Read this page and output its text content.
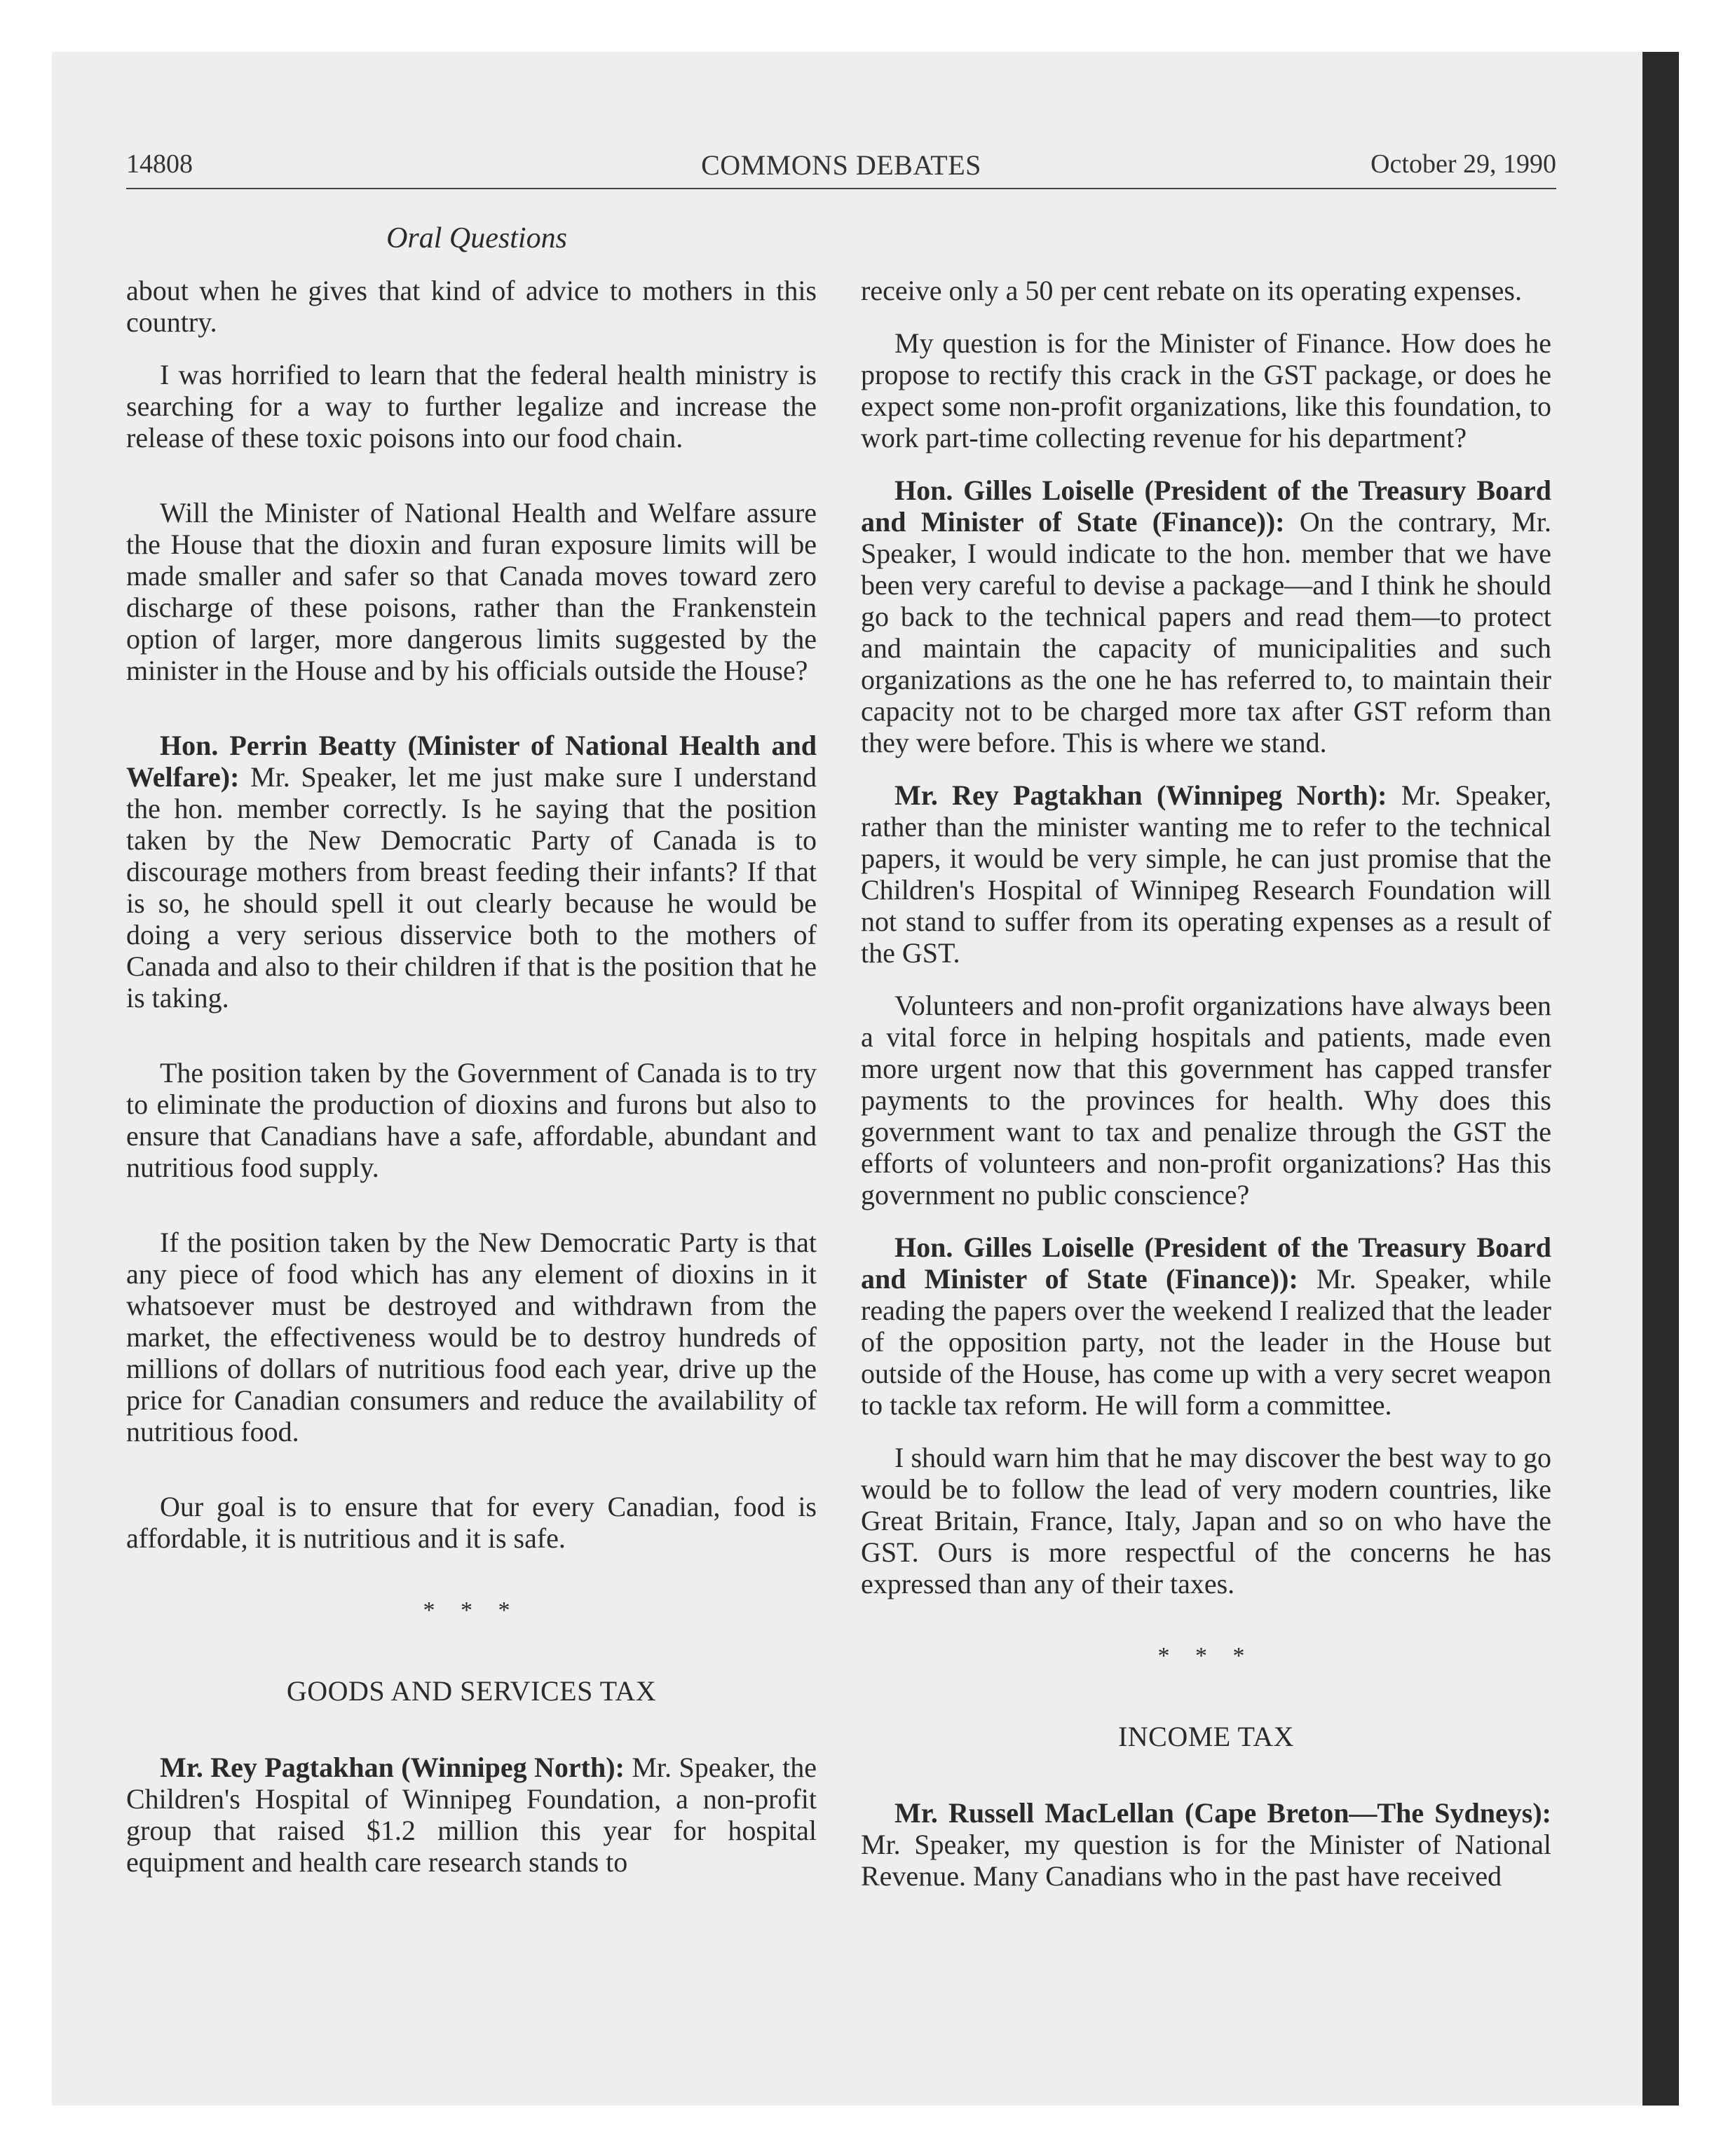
14808	COMMONS DEBATES	October 29, 1990
Oral Questions

about when he gives that kind of advice to mothers in this country.

I was horrified to learn that the federal health ministry is searching for a way to further legalize and increase the release of these toxic poisons into our food chain.

Will the Minister of National Health and Welfare assure the House that the dioxin and furan exposure limits will be made smaller and safer so that Canada moves toward zero discharge of these poisons, rather than the Frankenstein option of larger, more dangerous limits suggested by the minister in the House and by his officials outside the House?

Hon. Perrin Beatty (Minister of National Health and Welfare): Mr. Speaker, let me just make sure I understand the hon. member correctly. Is he saying that the position taken by the New Democratic Party of Canada is to discourage mothers from breast feeding their infants? If that is so, he should spell it out clearly because he would be doing a very serious disservice both to the mothers of Canada and also to their children if that is the position that he is taking.

The position taken by the Government of Canada is to try to eliminate the production of dioxins and furons but also to ensure that Canadians have a safe, affordable, abundant and nutritious food supply.

If the position taken by the New Democratic Party is that any piece of food which has any element of dioxins in it whatsoever must be destroyed and withdrawn from the market, the effectiveness would be to destroy hundreds of millions of dollars of nutritious food each year, drive up the price for Canadian consumers and reduce the availability of nutritious food.

Our goal is to ensure that for every Canadian, food is affordable, it is nutritious and it is safe.

* * *
GOODS AND SERVICES TAX

Mr. Rey Pagtakhan (Winnipeg North): Mr. Speaker, the Children's Hospital of Winnipeg Foundation, a non-profit group that raised $1.2 million this year for hospital equipment and health care research stands to

receive only a 50 per cent rebate on its operating expenses.

My question is for the Minister of Finance. How does he propose to rectify this crack in the GST package, or does he expect some non-profit organizations, like this foundation, to work part-time collecting revenue for his department?

Hon. Gilles Loiselle (President of the Treasury Board and Minister of State (Finance)): On the contrary, Mr. Speaker, I would indicate to the hon. member that we have been very careful to devise a package—and I think he should go back to the technical papers and read them—to protect and maintain the capacity of municipalities and such organizations as the one he has referred to, to maintain their capacity not to be charged more tax after GST reform than they were before. This is where we stand.

Mr. Rey Pagtakhan (Winnipeg North): Mr. Speaker, rather than the minister wanting me to refer to the technical papers, it would be very simple, he can just promise that the Children's Hospital of Winnipeg Research Foundation will not stand to suffer from its operating expenses as a result of the GST.

Volunteers and non-profit organizations have always been a vital force in helping hospitals and patients, made even more urgent now that this government has capped transfer payments to the provinces for health. Why does this government want to tax and penalize through the GST the efforts of volunteers and non-profit organizations? Has this government no public conscience?

Hon. Gilles Loiselle (President of the Treasury Board and Minister of State (Finance)): Mr. Speaker, while reading the papers over the weekend I realized that the leader of the opposition party, not the leader in the House but outside of the House, has come up with a very secret weapon to tackle tax reform. He will form a committee.

I should warn him that he may discover the best way to go would be to follow the lead of very modern countries, like Great Britain, France, Italy, Japan and so on who have the GST. Ours is more respectful of the concerns he has expressed than any of their taxes.

* * *
INCOME TAX

Mr. Russell MacLellan (Cape Breton—The Sydneys): Mr. Speaker, my question is for the Minister of National Revenue. Many Canadians who in the past have received
